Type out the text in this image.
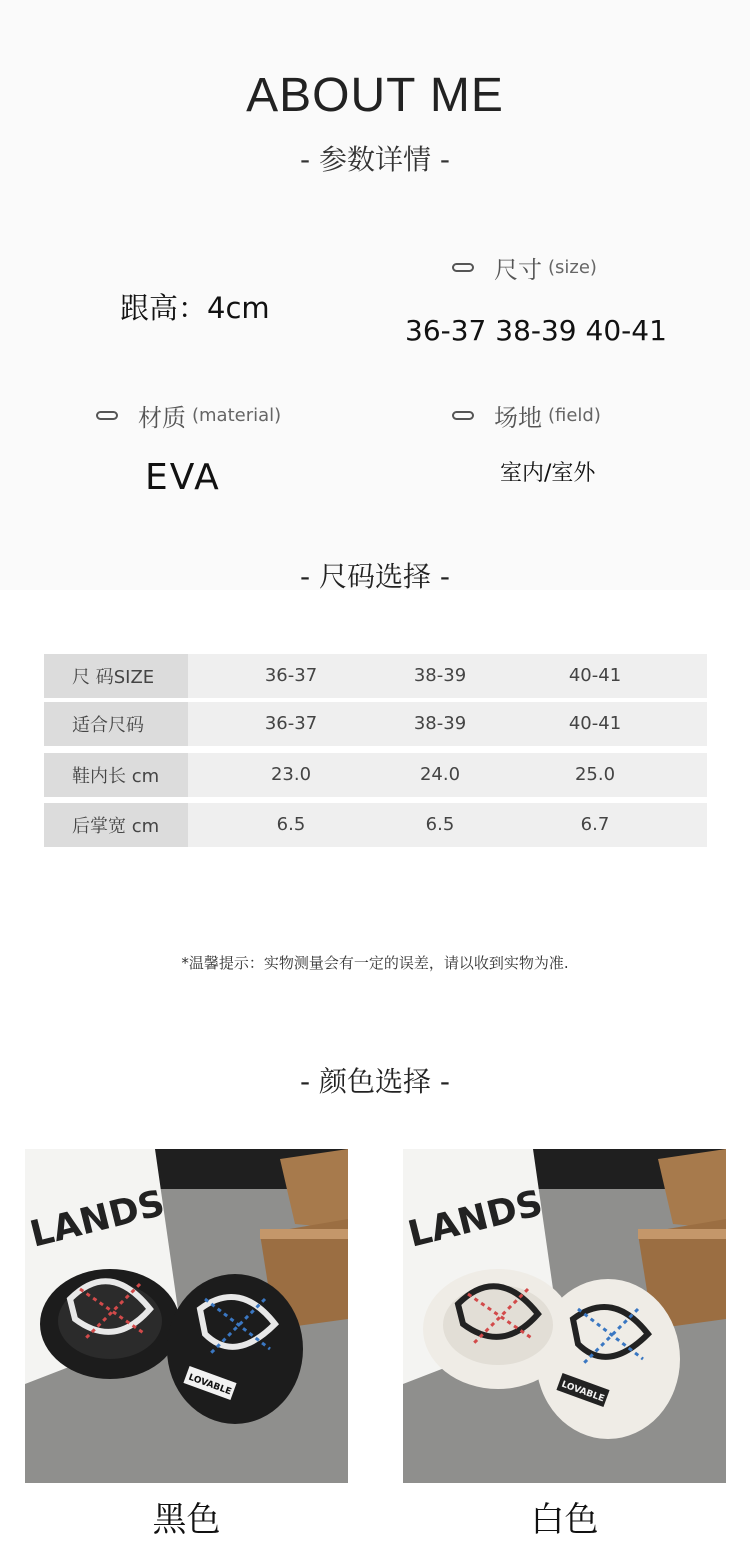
ABOUT ME
- 参数详情 -
跟高：4cm
尺寸 (size)
36-37 38-39 40-41
材质 (material)
EVA
场地 (field)
室内/室外
- 尺码选择 -
尺 码SIZE	36-37	38-39	40-41
适合尺码	36-37	38-39	40-41
鞋内长 cm	23.0	24.0	25.0
后掌宽 cm	6.5	6.5	6.7
*温馨提示：实物测量会有一定的误差，请以收到实物为准.
- 颜色选择 -
LANDS
LOVABLE
LANDS
LOVABLE
黑色	白色
